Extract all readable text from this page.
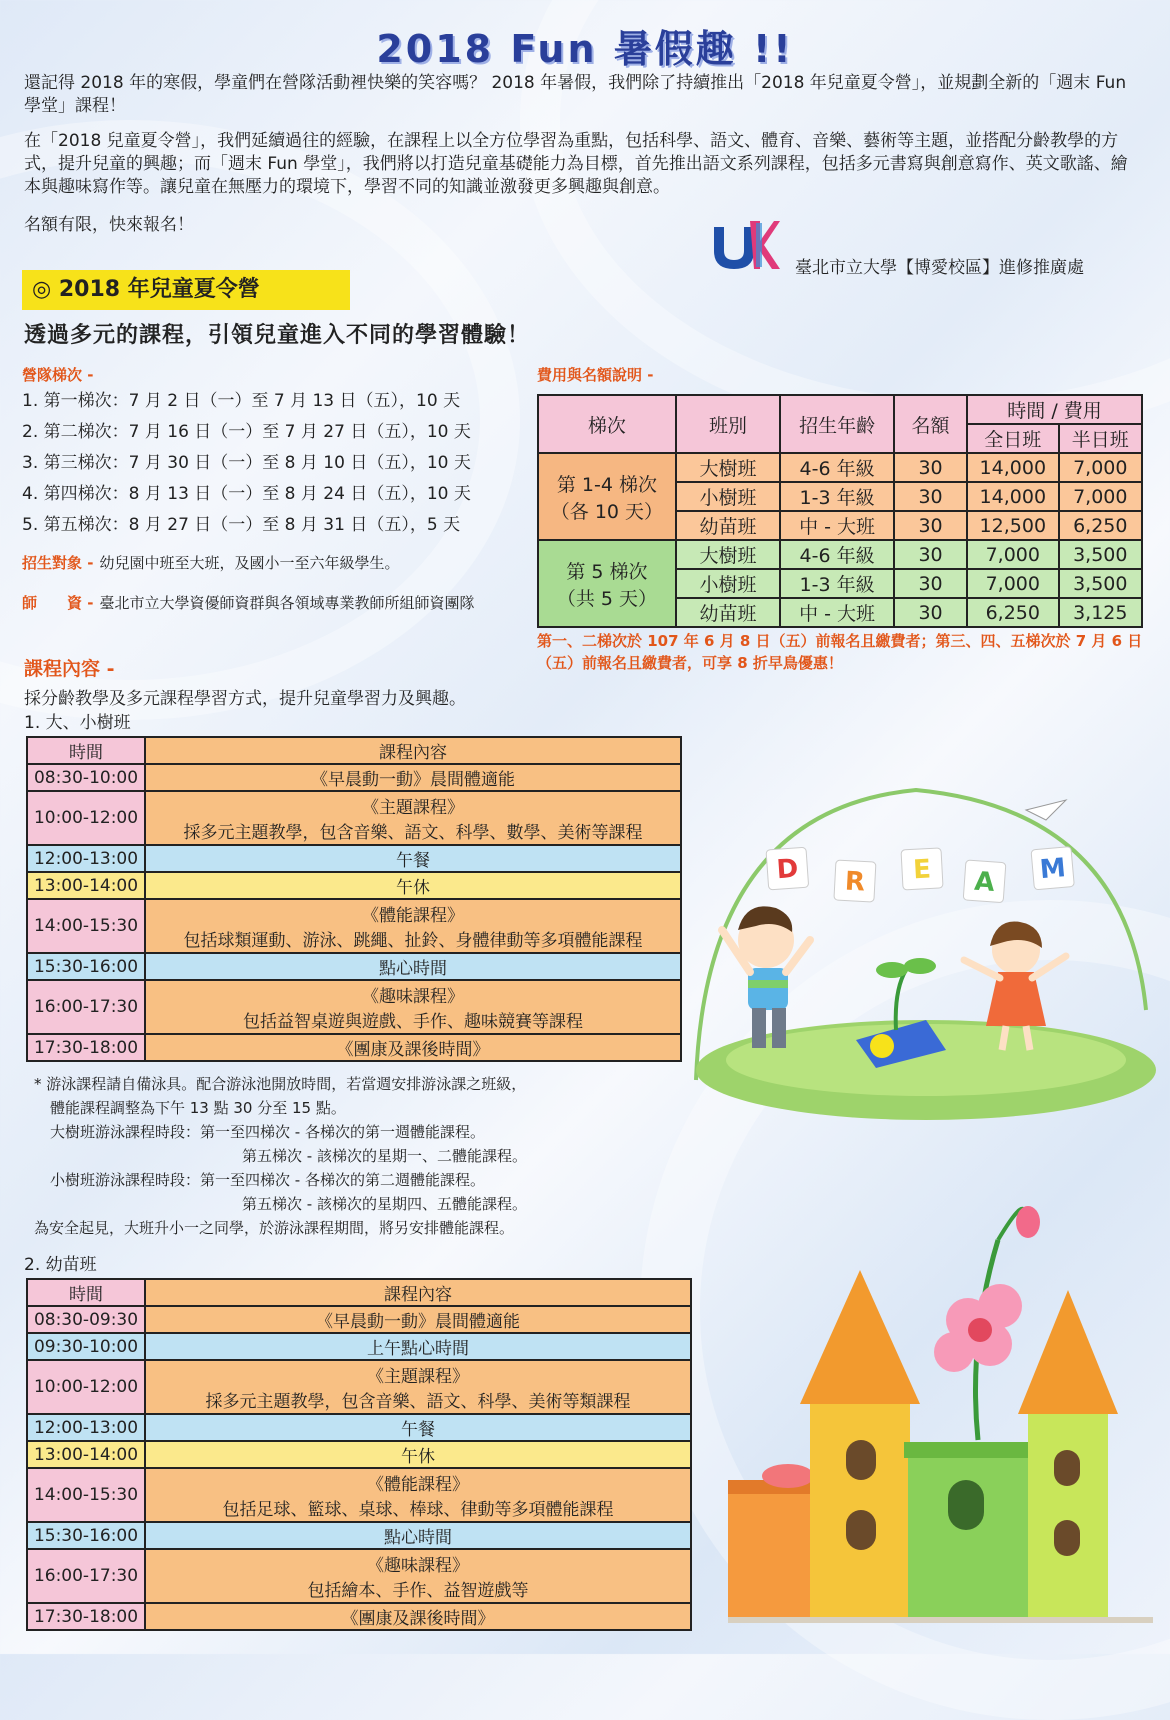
2018 Fun 暑假趣 !!

還記得 2018 年的寒假，學童們在營隊活動裡快樂的笑容嗎？ 2018 年暑假，我們除了持續推出「2018 年兒童夏令營」，並規劃全新的「週末 Fun 學堂」課程！

在「2018 兒童夏令營」，我們延續過往的經驗，在課程上以全方位學習為重點，包括科學、語文、體育、音樂、藝術等主題，並搭配分齡教學的方式，提升兒童的興趣；而「週末 Fun 學堂」，我們將以打造兒童基礎能力為目標，首先推出語文系列課程，包括多元書寫與創意寫作、英文歌謠、繪本與趣味寫作等。讓兒童在無壓力的環境下，學習不同的知識並激發更多興趣與創意。

名額有限，快來報名！

臺北市立大學【博愛校區】進修推廣處
◎ 2018 年兒童夏令營
透過多元的課程，引領兒童進入不同的學習體驗！
營隊梯次 -
1. 第一梯次：7 月 2 日（一）至 7 月 13 日（五），10 天
2. 第二梯次：7 月 16 日（一）至 7 月 27 日（五），10 天
3. 第三梯次：7 月 30 日（一）至 8 月 10 日（五），10 天
4. 第四梯次：8 月 13 日（一）至 8 月 24 日（五），10 天
5. 第五梯次：8 月 27 日（一）至 8 月 31 日（五），5 天
招生對象 - 幼兒園中班至大班，及國小一至六年級學生。
師　　資 - 臺北市立大學資優師資群與各領域專業教師所組師資團隊
費用與名額說明 -
梯次	班別	招生年齡	名額	時間 / 費用	
				全日班	半日班

第 1-4 梯次
（各 10 天）	大樹班	4-6 年級	30	14,000	7,000
	小樹班	1-3 年級	30	14,000	7,000
	幼苗班	中 - 大班	30	12,500	6,250

第 5 梯次
（共 5 天）	大樹班	4-6 年級	30	7,000	3,500
	小樹班	1-3 年級	30	7,000	3,500
	幼苗班	中 - 大班	30	6,250	3,125
第一、二梯次於 107 年 6 月 8 日（五）前報名且繳費者；第三、四、五梯次於 7 月 6 日（五）前報名且繳費者，可享 8 折早鳥優惠！
課程內容 -
採分齡教學及多元課程學習方式，提升兒童學習力及興趣。
1. 大、小樹班
時間	課程內容
08:30-10:00	《早晨動一動》晨間體適能
10:00-12:00	《主題課程》
採多元主題教學，包含音樂、語文、科學、數學、美術等課程

12:00-13:00	午餐
13:00-14:00	午休
14:00-15:30	《體能課程》
包括球類運動、游泳、跳繩、扯鈴、身體律動等多項體能課程

15:30-16:00	點心時間
16:00-17:30	《趣味課程》
包括益智桌遊與遊戲、手作、趣味競賽等課程

17:30-18:00	《團康及課後時間》
* 游泳課程請自備泳具。配合游泳池開放時間，若當週安排游泳課之班級，
體能課程調整為下午 13 點 30 分至 15 點。
大樹班游泳課程時段：第一至四梯次 - 各梯次的第一週體能課程。
第五梯次 - 該梯次的星期一、二體能課程。
小樹班游泳課程時段：第一至四梯次 - 各梯次的第二週體能課程。
第五梯次 - 該梯次的星期四、五體能課程。
為安全起見，大班升小一之同學，於游泳課程期間，將另安排體能課程。
2. 幼苗班
時間	課程內容
08:30-09:30	《早晨動一動》晨間體適能
09:30-10:00	上午點心時間
10:00-12:00	《主題課程》
採多元主題教學，包含音樂、語文、科學、美術等類課程

12:00-13:00	午餐
13:00-14:00	午休
14:00-15:30	《體能課程》
包括足球、籃球、桌球、棒球、律動等多項體能課程

15:30-16:00	點心時間
16:00-17:30	《趣味課程》
包括繪本、手作、益智遊戲等

17:30-18:00	《團康及課後時間》
D R E A M
